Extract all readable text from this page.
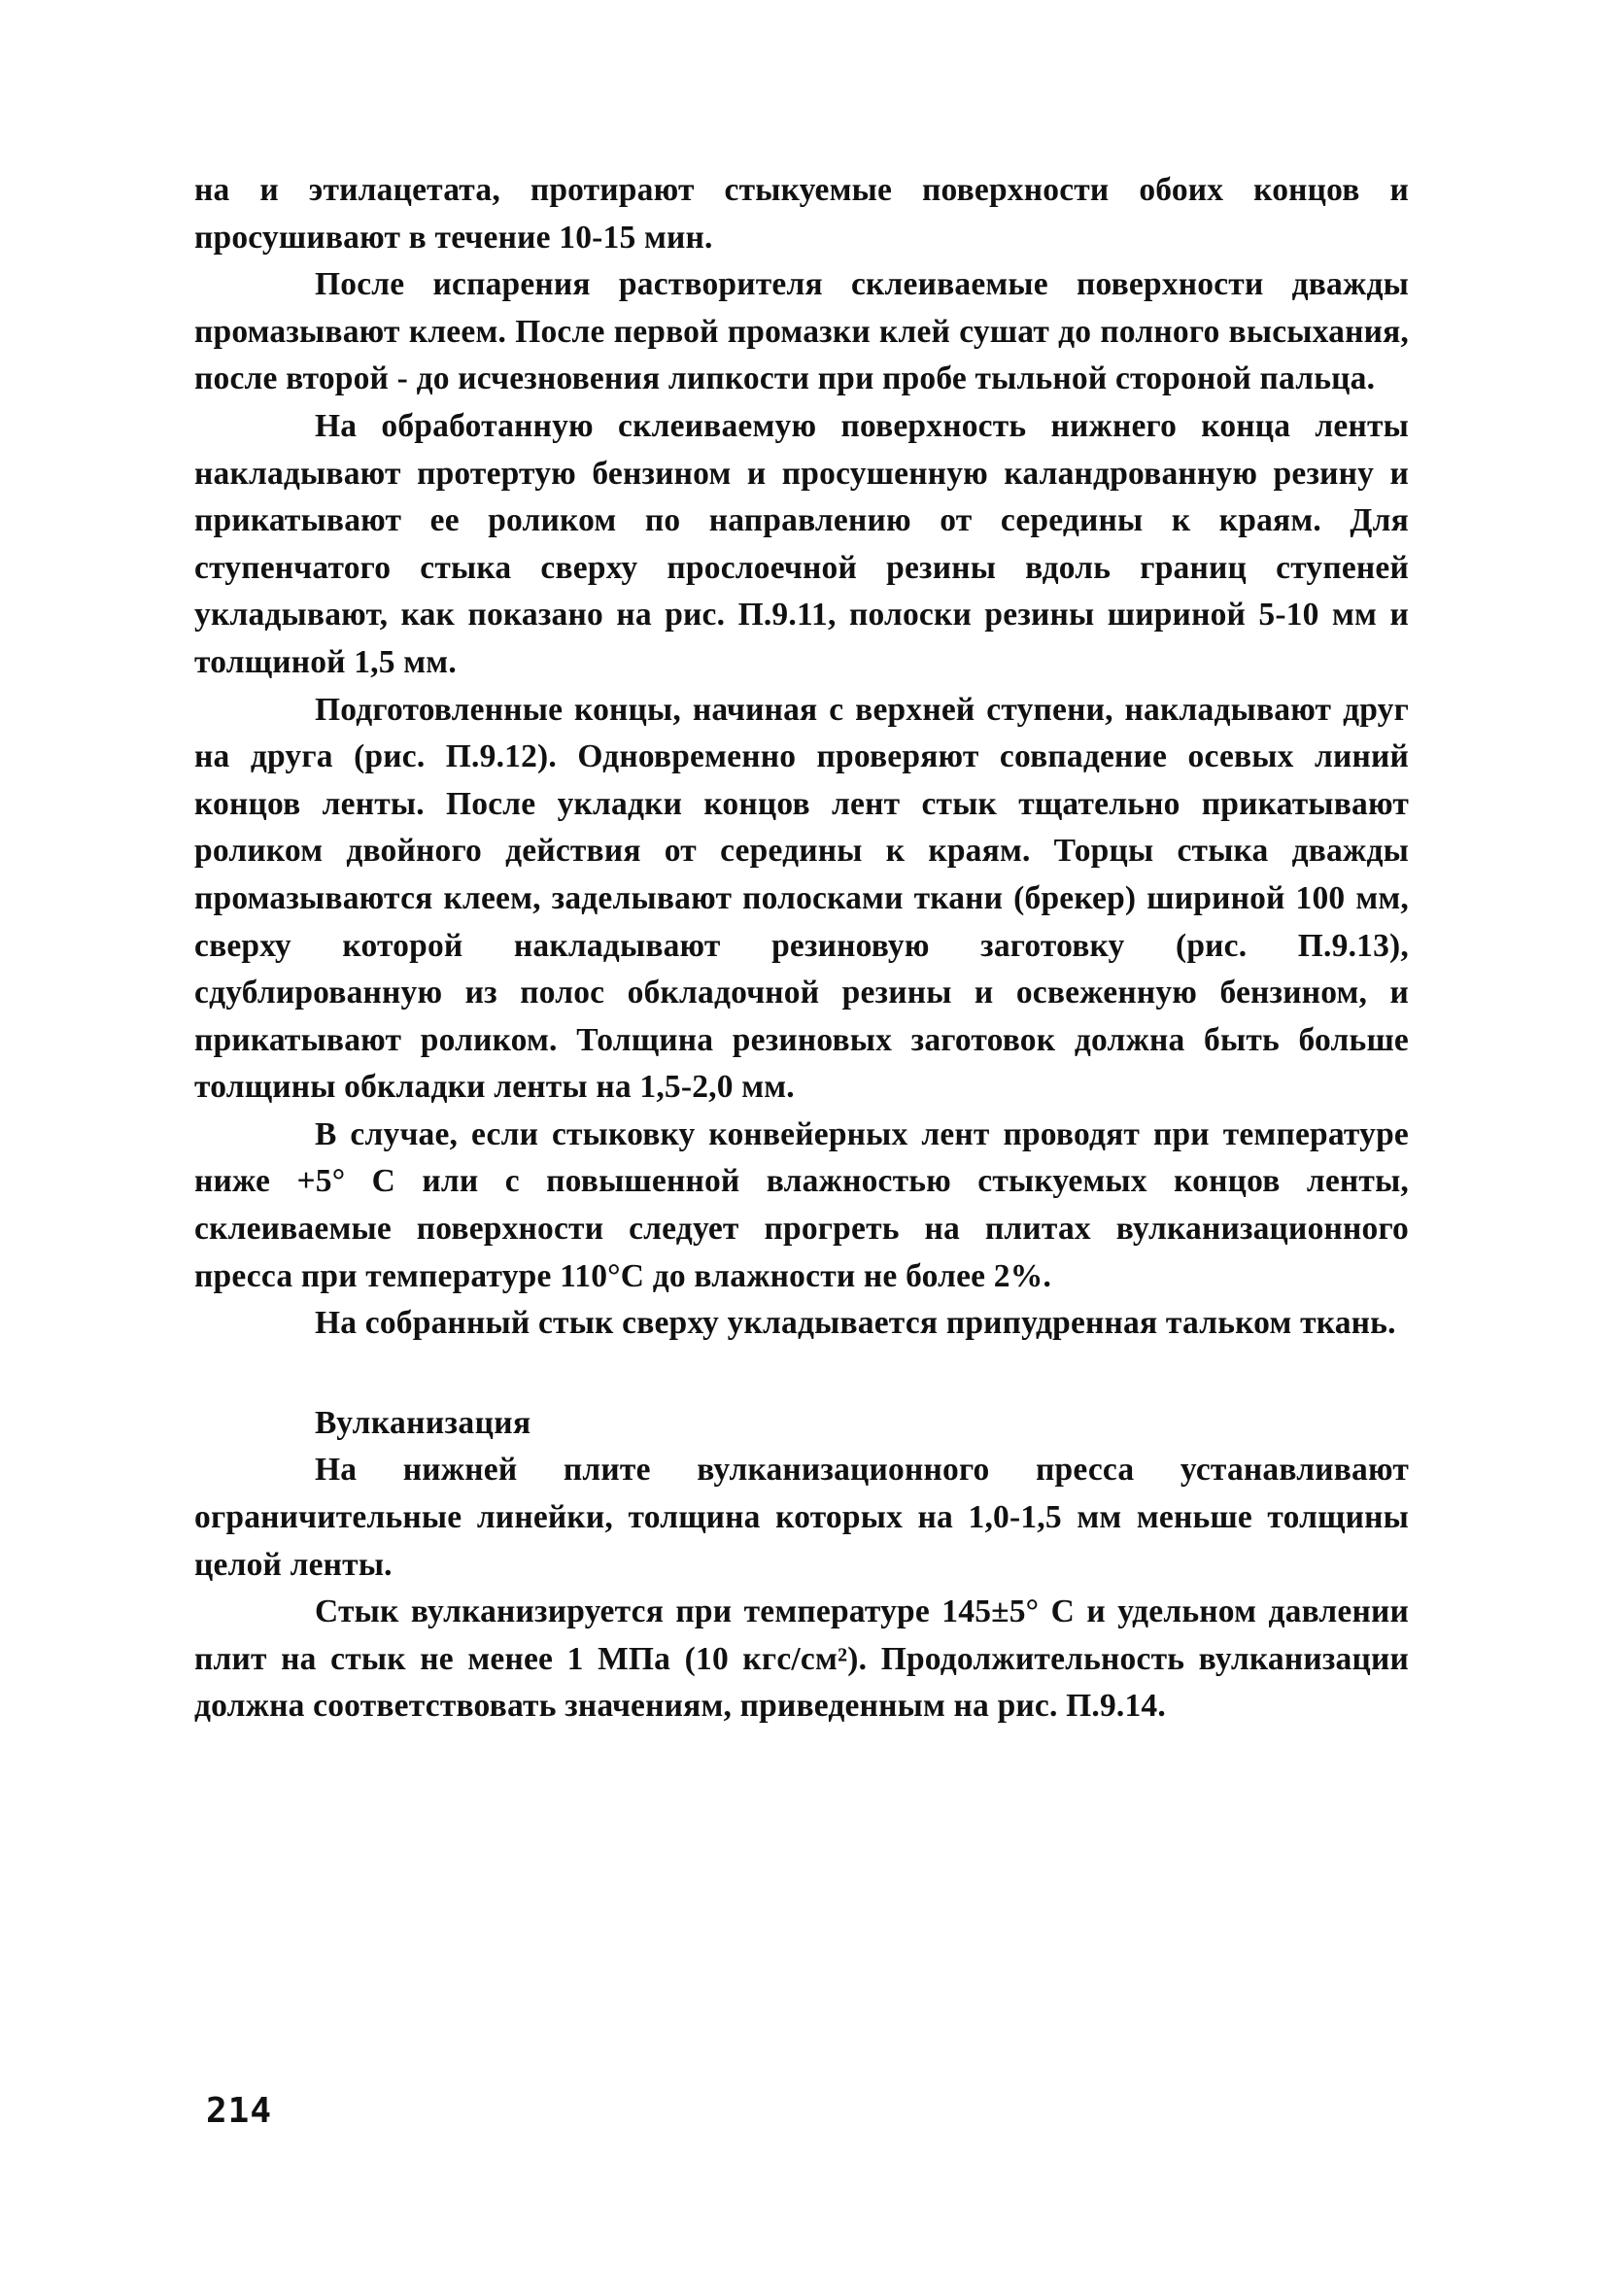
на и этилацетата, протирают стыкуемые поверхности обоих концов и просушивают в течение 10-15 мин.

После испарения растворителя склеиваемые поверхности дважды промазывают клеем. После первой промазки клей сушат до полного высыхания, после второй - до исчезновения липкости при пробе тыльной стороной пальца.

На обработанную склеиваемую поверхность нижнего конца ленты накладывают протертую бензином и просушенную каландрованную резину и прикатывают ее роликом по направлению от середины к краям. Для ступенчатого стыка сверху прослоечной резины вдоль границ ступеней укладывают, как показано на рис. П.9.11, полоски резины шириной 5-10 мм и толщиной 1,5 мм.

Подготовленные концы, начиная с верхней ступени, накладывают друг на друга (рис. П.9.12). Одновременно проверяют совпадение осевых линий концов ленты. После укладки концов лент стык тщательно прикатывают роликом двойного действия от середины к краям. Торцы стыка дважды промазываются клеем, заделывают полосками ткани (брекер) шириной 100 мм, сверху которой накладывают резиновую заготовку (рис. П.9.13), сдублированную из полос обкладочной резины и освеженную бензином, и прикатывают роликом. Толщина резиновых заготовок должна быть больше толщины обкладки ленты на 1,5-2,0 мм.

В случае, если стыковку конвейерных лент проводят при температуре ниже +5° С или с повышенной влажностью стыкуемых концов ленты, склеиваемые поверхности следует прогреть на плитах вулканизационного пресса при температуре 110°С до влажности не более 2%.

На собранный стык сверху укладывается припудренная тальком ткань.

Вулканизация

На нижней плите вулканизационного пресса устанавливают ограничительные линейки, толщина которых на 1,0-1,5 мм меньше толщины целой ленты.

Стык вулканизируется при температуре 145±5° С и удельном давлении плит на стык не менее 1 МПа (10 кгс/см²). Продолжительность вулканизации должна соответствовать значениям, приведенным на рис. П.9.14.

214
